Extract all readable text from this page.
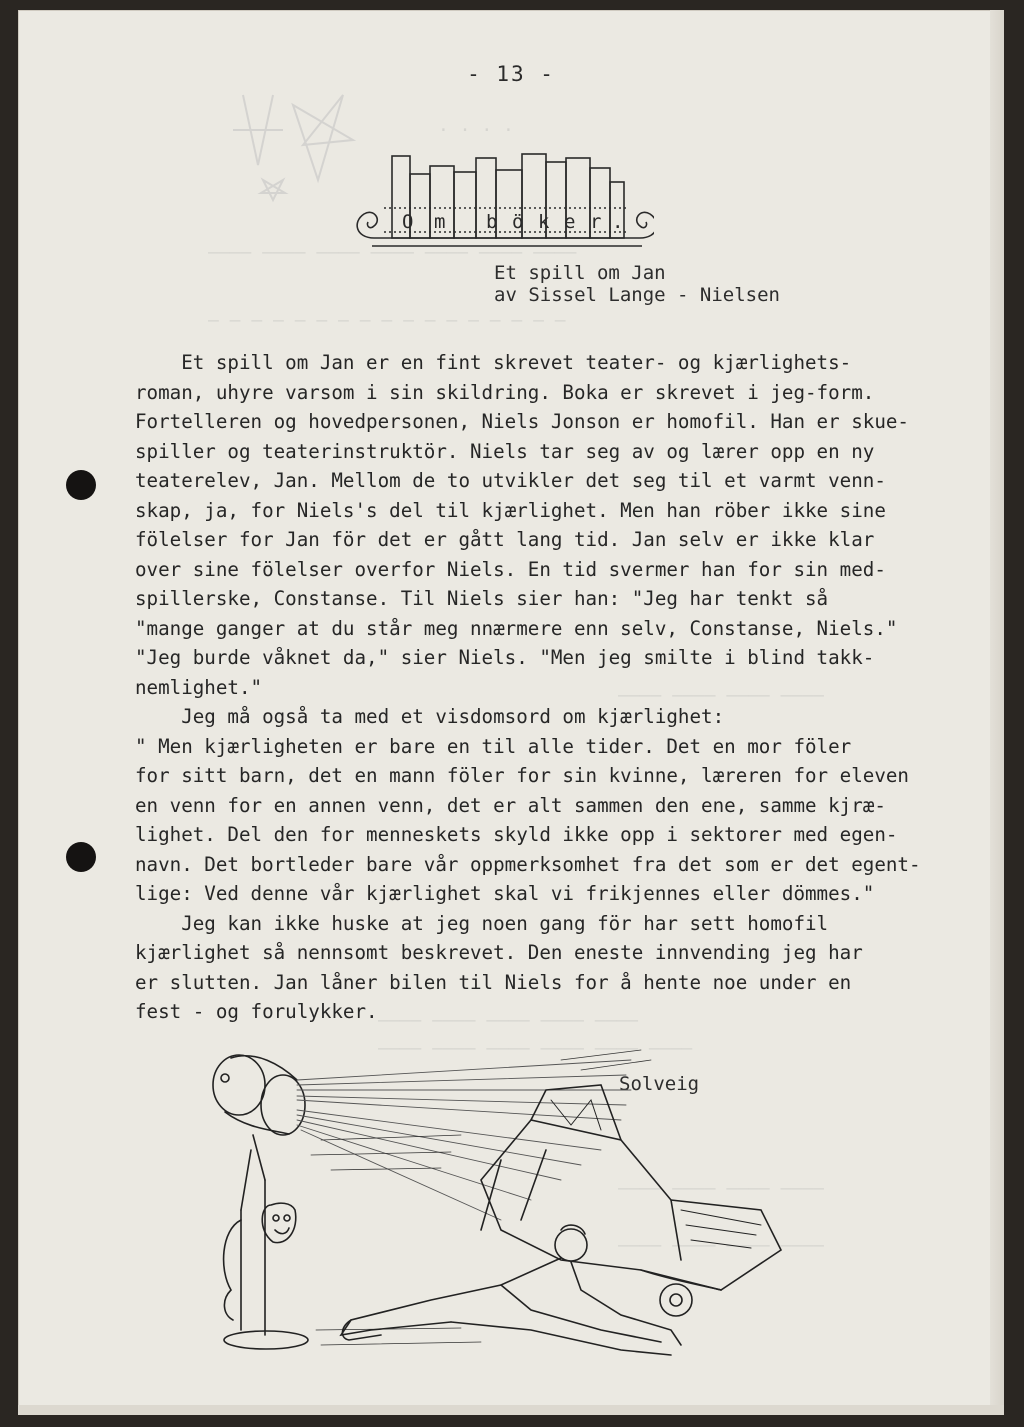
· · · ·
———— ———— ———— ———— ———— ———— ————
— — — — — — — — — — — — — — — — —
———— ———— ———— ————
———— ———— ———— ———— ————
———— ———— ———— ———— ———— ————
———— ———— ———— ————
———— ———— ———— ————
- 13 -
O m b ö k e r .
Et spill om Jan
av Sissel Lange - Nielsen
Et spill om Jan er en fint skrevet teater- og kjærlighets-
roman, uhyre varsom i sin skildring. Boka er skrevet i jeg-form.
Fortelleren og hovedpersonen, Niels Jonson er homofil. Han er skue-
spiller og teaterinstruktör. Niels tar seg av og lærer opp en ny
teaterelev, Jan. Mellom de to utvikler det seg til et varmt venn-
skap, ja, for Niels's del til kjærlighet. Men han röber ikke sine
fölelser for Jan för det er gått lang tid. Jan selv er ikke klar
over sine fölelser overfor Niels. En tid svermer han for sin med-
spillerske, Constanse. Til Niels sier han: "Jeg har tenkt så
"mange ganger at du står meg nnærmere enn selv, Constanse, Niels."
"Jeg burde våknet da," sier Niels. "Men jeg smilte i blind takk-
nemlighet."
Jeg må også ta med et visdomsord om kjærlighet:
" Men kjærligheten er bare en til alle tider. Det en mor föler
for sitt barn, det en mann föler for sin kvinne, læreren for eleven
en venn for en annen venn, det er alt sammen den ene, samme kjræ-
lighet. Del den for menneskets skyld ikke opp i sektorer med egen-
navn. Det bortleder bare vår oppmerksomhet fra det som er det egent-
lige: Ved denne vår kjærlighet skal vi frikjennes eller dömmes."
Jeg kan ikke huske at jeg noen gang för har sett homofil
kjærlighet så nennsomt beskrevet. Den eneste innvending jeg har
er slutten. Jan låner bilen til Niels for å hente noe under en
fest - og forulykker.
Solveig
